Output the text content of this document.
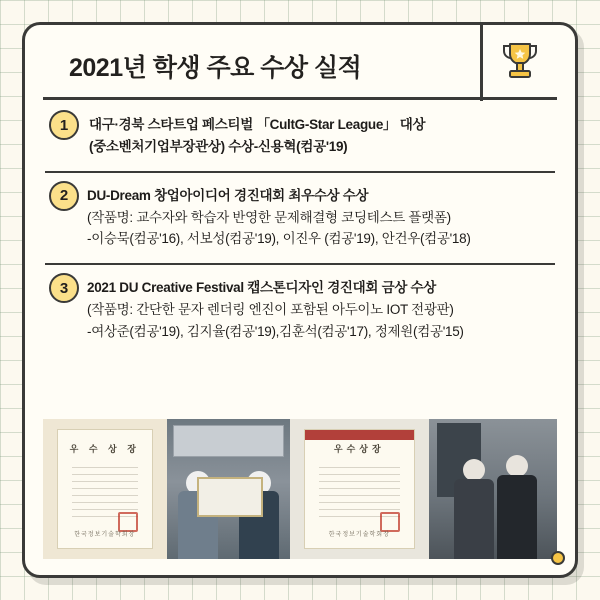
2021년 학생 주요 수상 실적
1	대구·경북 스타트업 페스티벌 「CultG-Star League」 대상
(중소벤처기업부장관상) 수상-신용혁(컴공'19)
2	DU-Dream 창업아이디어 경진대회 최우수상 수상
(작품명: 교수자와 학습자 반영한 문제해결형 코딩테스트 플랫폼)
-이승묵(컴공'16), 서보성(컴공'19), 이진우 (컴공'19), 안건우(컴공'18)
3	2021 DU Creative Festival 캡스톤디자인 경진대회 금상 수상
(작품명: 간단한 문자 렌더링 엔진이 포함된 아두이노 IOT 전광판)
-여상준(컴공'19), 김지율(컴공'19),김훈석(컴공'17), 정제원(컴공'15)
우 수 상 장
한국정보기술학회장
우수상장
한국정보기술학회장
